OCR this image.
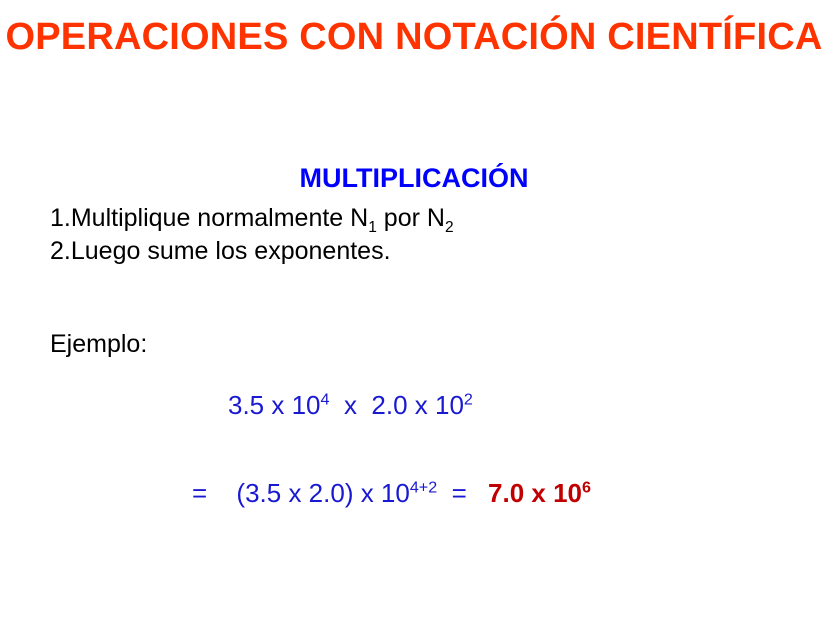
OPERACIONES CON NOTACIÓN CIENTÍFICA
MULTIPLICACIÓN
1.Multiplique normalmente $N_1$ por $N_2$
2.Luego sume los exponentes.
Ejemplo:
3.5 x $10^4$ x 2.0 x $10^2$
= (3.5 x 2.0) x $10^{4+2} = 7.0$ x $10^6$
